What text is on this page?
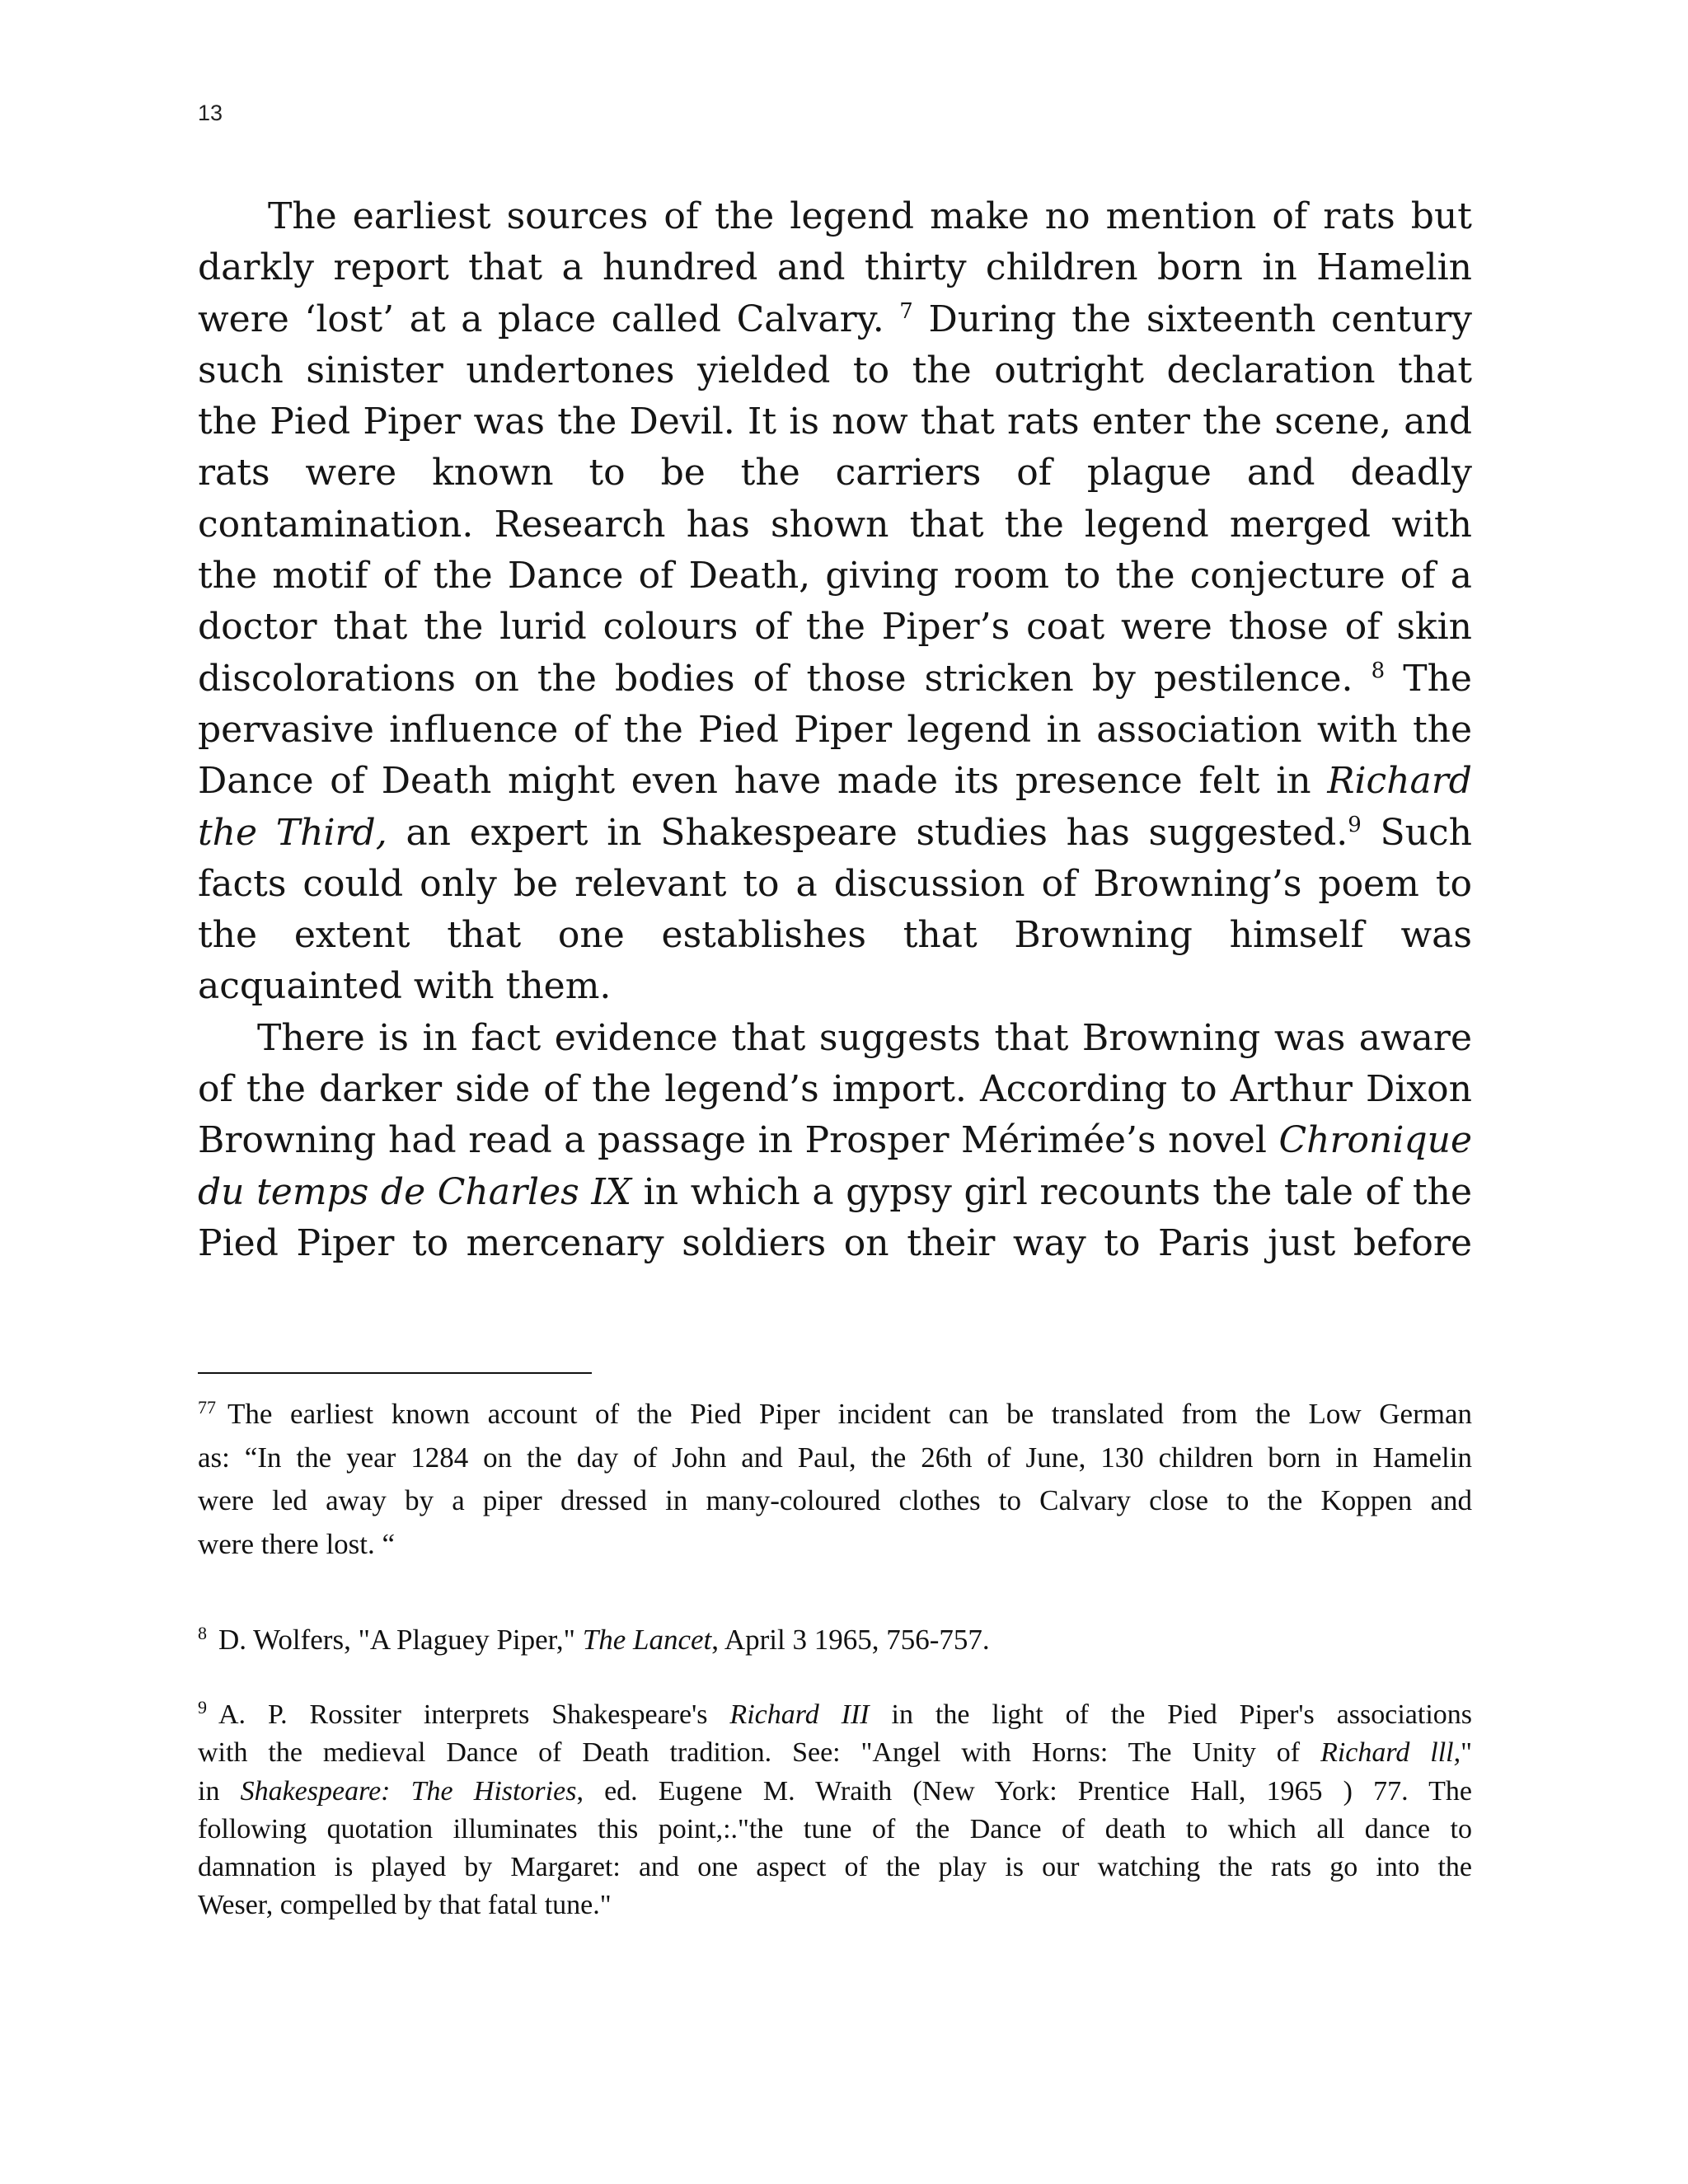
13

The earliest sources of the legend make no mention of rats but
darkly report that a hundred and thirty children born in Hamelin
were ‘lost’ at a place called Calvary. $^7$ During the sixteenth century
such sinister undertones yielded to the outright declaration that
the Pied Piper was the Devil. It is now that rats enter the scene, and
rats were known to be the carriers of plague and deadly
contamination. Research has shown that the legend merged with
the motif of the Dance of Death, giving room to the conjecture of a
doctor that the lurid colours of the Piper’s coat were those of skin
discolorations on the bodies of those stricken by pestilence. $^8$ The
pervasive influence of the Pied Piper legend in association with the
Dance of Death might even have made its presence felt in Richard
the Third, an expert in Shakespeare studies has suggested.$^9$ Such
facts could only be relevant to a discussion of Browning’s poem to
the extent that one establishes that Browning himself was
acquainted with them.

There is in fact evidence that suggests that Browning was aware
of the darker side of the legend’s import. According to Arthur Dixon
Browning had read a passage in Prosper Mérimée’s novel Chronique
du temps de Charles IX in which a gypsy girl recounts the tale of the
Pied Piper to mercenary soldiers on their way to Paris just before

$^{77}$ The earliest known account of the Pied Piper incident can be translated from the Low German
as: “In the year 1284 on the day of John and Paul, the 26th of June, 130 children born in Hamelin
were led away by a piper dressed in many-coloured clothes to Calvary close to the Koppen and
were there lost. “
$^8$ D. Wolfers, "A Plaguey Piper," The Lancet, April 3 1965, 756-757.
$^9$ A. P. Rossiter interprets Shakespeare's Richard III in the light of the Pied Piper's associations
with the medieval Dance of Death tradition. See: "Angel with Horns: The Unity of Richard lll,"
in Shakespeare: The Histories, ed. Eugene M. Wraith (New York: Prentice Hall, 1965 ) 77. The
following quotation illuminates this point,:."the tune of the Dance of death to which all dance to
damnation is played by Margaret: and one aspect of the play is our watching the rats go into the
Weser, compelled by that fatal tune."
